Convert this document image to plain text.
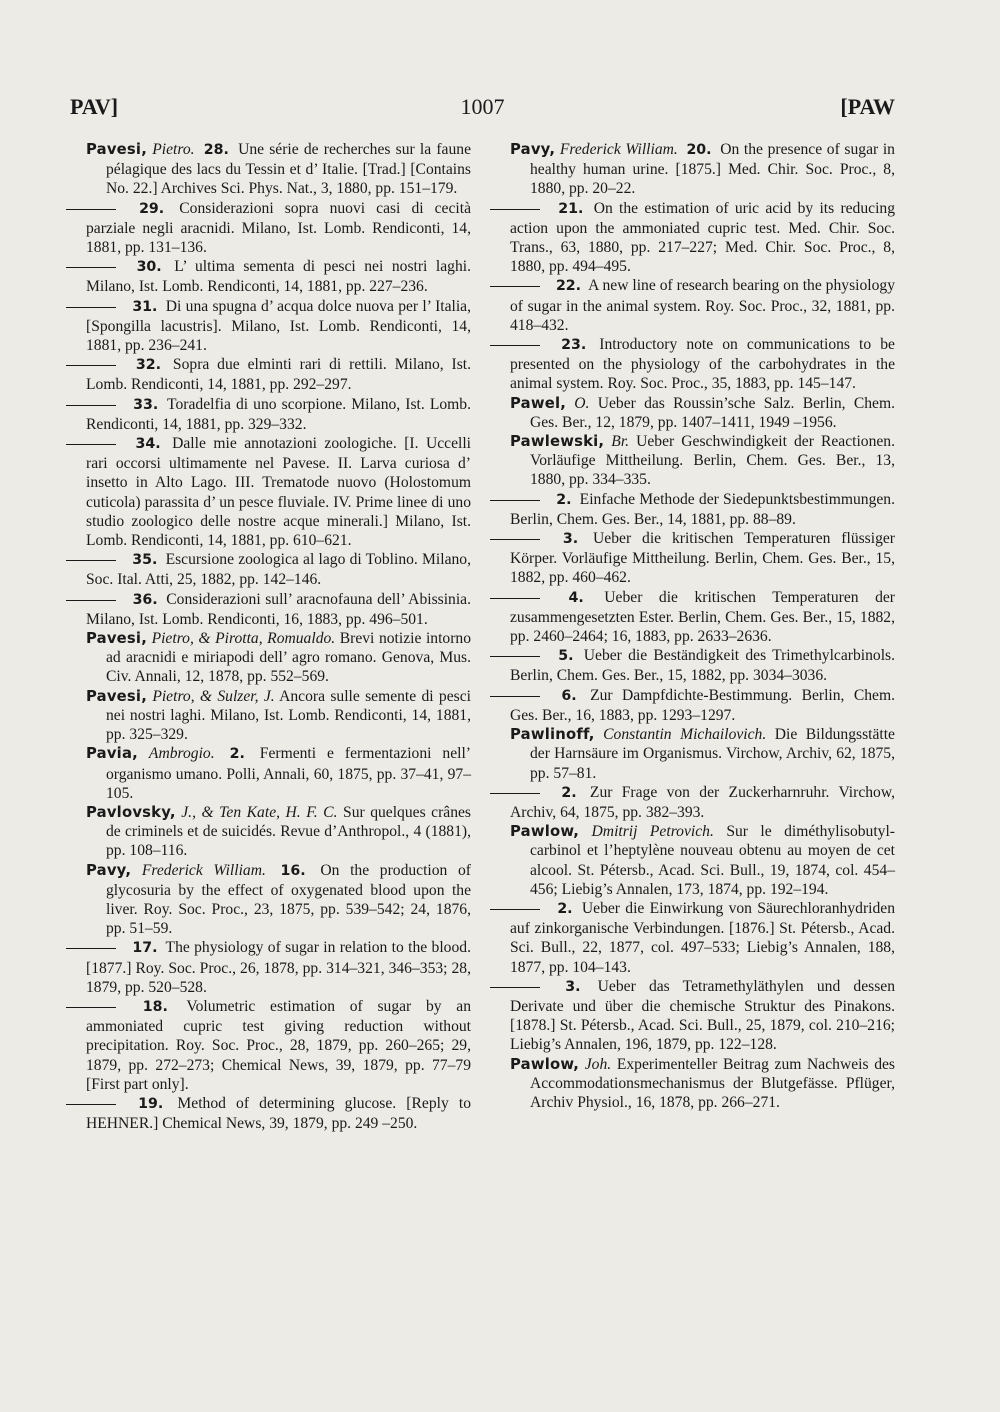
PAV]	1007	[PAW

Pavesi, Pietro. 28. Une série de recherches sur la faune pélagique des lacs du Tessin et d’ Italie. [Trad.] [Contains No. 22.] Archives Sci. Phys. Nat., 3, 1880, pp. 151–179.

29. Considerazioni sopra nuovi casi di cecità parziale negli aracnidi. Milano, Ist. Lomb. Rendiconti, 14, 1881, pp. 131–136.

30. L’ ultima sementa di pesci nei nostri laghi. Milano, Ist. Lomb. Rendiconti, 14, 1881, pp. 227–236.

31. Di una spugna d’ acqua dolce nuova per l’ Italia, [Spongilla lacustris]. Milano, Ist. Lomb. Rendiconti, 14, 1881, pp. 236–241.

32. Sopra due elminti rari di rettili. Milano, Ist. Lomb. Rendiconti, 14, 1881, pp. 292–297.

33. Toradelfia di uno scorpione. Milano, Ist. Lomb. Rendiconti, 14, 1881, pp. 329–332.

34. Dalle mie annotazioni zoologiche. [I. Uccelli rari occorsi ultimamente nel Pavese. II. Larva curiosa d’ insetto in Alto Lago. III. Trematode nuovo (Holostomum cuticola) parassita d’ un pesce fluviale. IV. Prime linee di uno studio zoologico delle nostre acque minerali.] Milano, Ist. Lomb. Rendiconti, 14, 1881, pp. 610–621.

35. Escursione zoologica al lago di Toblino. Milano, Soc. Ital. Atti, 25, 1882, pp. 142–146.

36. Considerazioni sull’ aracnofauna dell’ Abissinia. Milano, Ist. Lomb. Rendiconti, 16, 1883, pp. 496–501.

Pavesi, Pietro, & Pirotta, Romualdo. Brevi notizie intorno ad aracnidi e miriapodi dell’ agro romano. Genova, Mus. Civ. Annali, 12, 1878, pp. 552–569.

Pavesi, Pietro, & Sulzer, J. Ancora sulle semente di pesci nei nostri laghi. Milano, Ist. Lomb. Rendiconti, 14, 1881, pp. 325–329.

Pavia, Ambrogio. 2. Fermenti e fermentazioni nell’ organismo umano. Polli, Annali, 60, 1875, pp. 37–41, 97–105.

Pavlovsky, J., & Ten Kate, H. F. C. Sur quelques crânes de criminels et de suicidés. Revue d’Anthropol., 4 (1881), pp. 108–116.

Pavy, Frederick William. 16. On the production of glycosuria by the effect of oxygenated blood upon the liver. Roy. Soc. Proc., 23, 1875, pp. 539–542; 24, 1876, pp. 51–59.

17. The physiology of sugar in relation to the blood. [1877.] Roy. Soc. Proc., 26, 1878, pp. 314–321, 346–353; 28, 1879, pp. 520–528.

18. Volumetric estimation of sugar by an ammoniated cupric test giving reduction without precipitation. Roy. Soc. Proc., 28, 1879, pp. 260–265; 29, 1879, pp. 272–273; Chemical News, 39, 1879, pp. 77–79 [First part only].

19. Method of determining glucose. [Reply to HEHNER.] Chemical News, 39, 1879, pp. 249 –250.

Pavy, Frederick William. 20. On the presence of sugar in healthy human urine. [1875.] Med. Chir. Soc. Proc., 8, 1880, pp. 20–22.

21. On the estimation of uric acid by its reducing action upon the ammoniated cupric test. Med. Chir. Soc. Trans., 63, 1880, pp. 217–227; Med. Chir. Soc. Proc., 8, 1880, pp. 494–495.

22. A new line of research bearing on the physiology of sugar in the animal system. Roy. Soc. Proc., 32, 1881, pp. 418–432.

23. Introductory note on communications to be presented on the physiology of the carbohydrates in the animal system. Roy. Soc. Proc., 35, 1883, pp. 145–147.

Pawel, O. Ueber das Roussin’sche Salz. Berlin, Chem. Ges. Ber., 12, 1879, pp. 1407–1411, 1949 –1956.

Pawlewski, Br. Ueber Geschwindigkeit der Reactionen. Vorläufige Mittheilung. Berlin, Chem. Ges. Ber., 13, 1880, pp. 334–335.

2. Einfache Methode der Siedepunktsbestimmungen. Berlin, Chem. Ges. Ber., 14, 1881, pp. 88–89.

3. Ueber die kritischen Temperaturen flüssiger Körper. Vorläufige Mittheilung. Berlin, Chem. Ges. Ber., 15, 1882, pp. 460–462.

4. Ueber die kritischen Temperaturen der zusammengesetzten Ester. Berlin, Chem. Ges. Ber., 15, 1882, pp. 2460–2464; 16, 1883, pp. 2633–2636.

5. Ueber die Beständigkeit des Trimethylcarbinols. Berlin, Chem. Ges. Ber., 15, 1882, pp. 3034–3036.

6. Zur Dampfdichte-Bestimmung. Berlin, Chem. Ges. Ber., 16, 1883, pp. 1293–1297.

Pawlinoff, Constantin Michailovich. Die Bildungsstätte der Harnsäure im Organismus. Virchow, Archiv, 62, 1875, pp. 57–81.

2. Zur Frage von der Zuckerharnruhr. Virchow, Archiv, 64, 1875, pp. 382–393.

Pawlow, Dmitrij Petrovich. Sur le diméthylisobutyl-carbinol et l’heptylène nouveau obtenu au moyen de cet alcool. St. Pétersb., Acad. Sci. Bull., 19, 1874, col. 454–456; Liebig’s Annalen, 173, 1874, pp. 192–194.

2. Ueber die Einwirkung von Säurechloranhydriden auf zinkorganische Verbindungen. [1876.] St. Pétersb., Acad. Sci. Bull., 22, 1877, col. 497–533; Liebig’s Annalen, 188, 1877, pp. 104–143.

3. Ueber das Tetramethyläthylen und dessen Derivate und über die chemische Struktur des Pinakons. [1878.] St. Pétersb., Acad. Sci. Bull., 25, 1879, col. 210–216; Liebig’s Annalen, 196, 1879, pp. 122–128.

Pawlow, Joh. Experimenteller Beitrag zum Nachweis des Accommodationsmechanismus der Blutgefässe. Pflüger, Archiv Physiol., 16, 1878, pp. 266–271.
